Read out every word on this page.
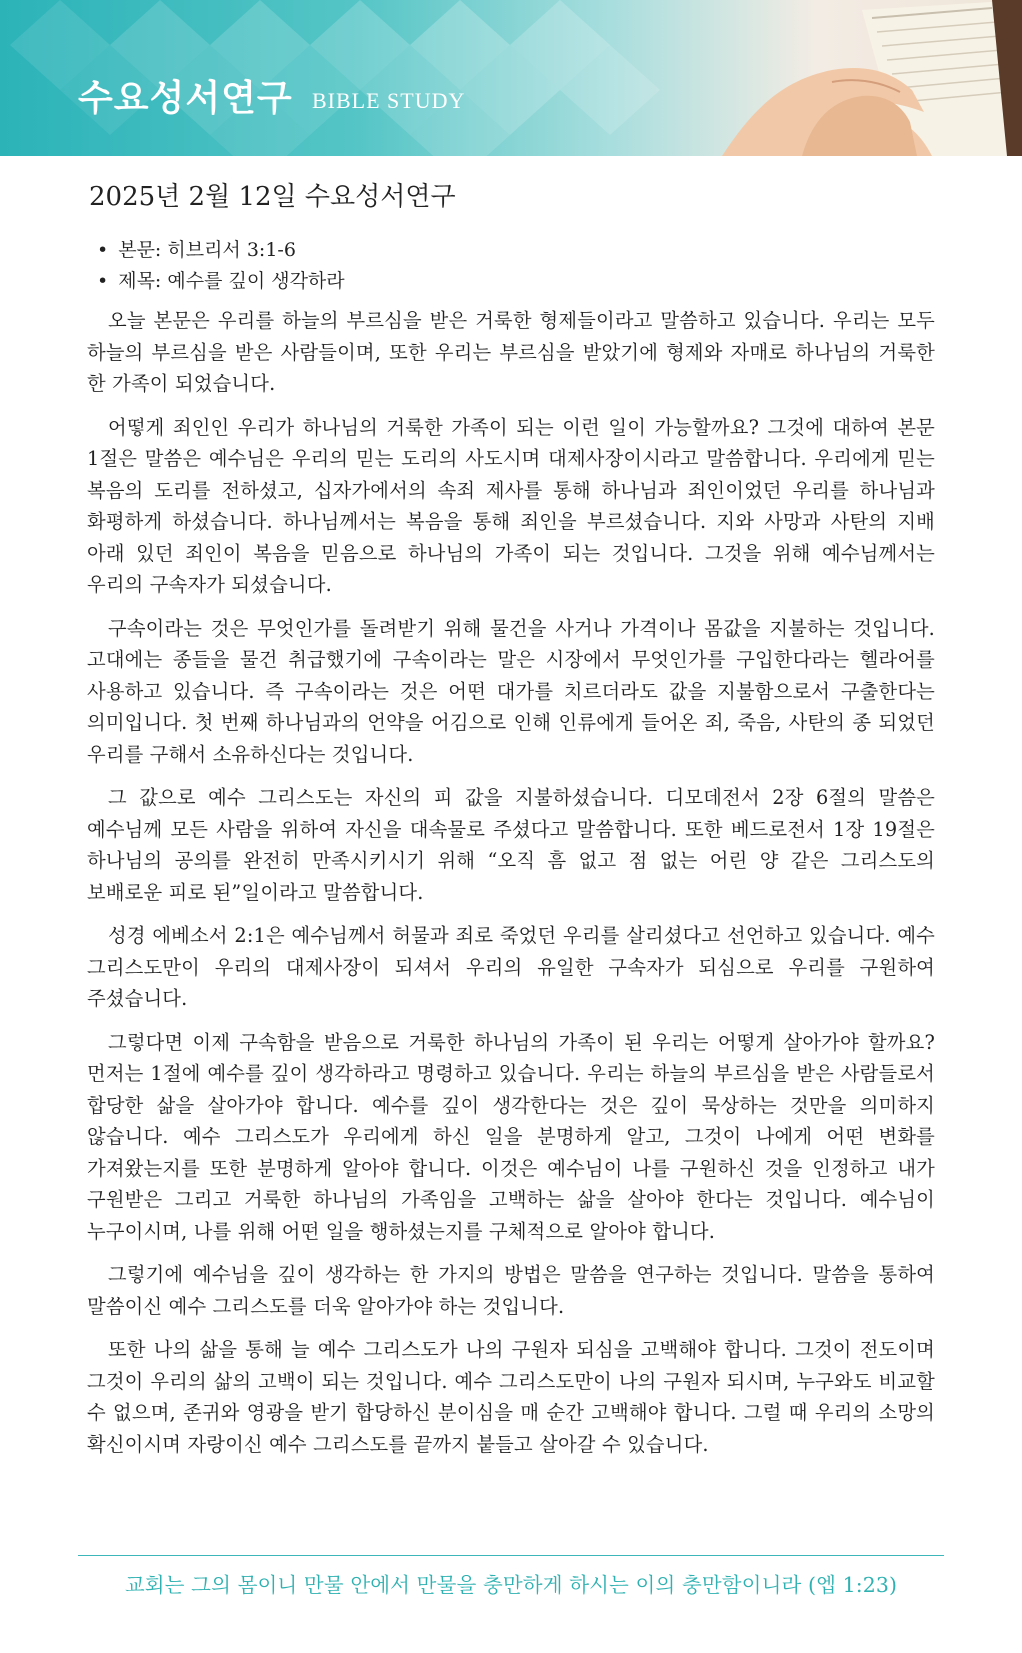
수요성서연구 BIBLE STUDY
2025년 2월 12일 수요성서연구
• 본문: 히브리서 3:1-6
• 제목: 예수를 깊이 생각하라

오늘 본문은 우리를 하늘의 부르심을 받은 거룩한 형제들이라고 말씀하고 있습니다. 우리는 모두 하늘의 부르심을 받은 사람들이며, 또한 우리는 부르심을 받았기에 형제와 자매로 하나님의 거룩한 한 가족이 되었습니다.

어떻게 죄인인 우리가 하나님의 거룩한 가족이 되는 이런 일이 가능할까요? 그것에 대하여 본문 1절은 말씀은 예수님은 우리의 믿는 도리의 사도시며 대제사장이시라고 말씀합니다. 우리에게 믿는 복음의 도리를 전하셨고, 십자가에서의 속죄 제사를 통해 하나님과 죄인이었던 우리를 하나님과 화평하게 하셨습니다. 하나님께서는 복음을 통해 죄인을 부르셨습니다. 지와 사망과 사탄의 지배 아래 있던 죄인이 복음을 믿음으로 하나님의 가족이 되는 것입니다. 그것을 위해 예수님께서는 우리의 구속자가 되셨습니다.

구속이라는 것은 무엇인가를 돌려받기 위해 물건을 사거나 가격이나 몸값을 지불하는 것입니다. 고대에는 종들을 물건 취급했기에 구속이라는 말은 시장에서 무엇인가를 구입한다라는 헬라어를 사용하고 있습니다. 즉 구속이라는 것은 어떤 대가를 치르더라도 값을 지불함으로서 구출한다는 의미입니다. 첫 번째 하나님과의 언약을 어김으로 인해 인류에게 들어온 죄, 죽음, 사탄의 종 되었던 우리를 구해서 소유하신다는 것입니다.

그 값으로 예수 그리스도는 자신의 피 값을 지불하셨습니다. 디모데전서 2장 6절의 말씀은 예수님께 모든 사람을 위하여 자신을 대속물로 주셨다고 말씀합니다. 또한 베드로전서 1장 19절은 하나님의 공의를 완전히 만족시키시기 위해 “오직 흠 없고 점 없는 어린 양 같은 그리스도의 보배로운 피로 된”일이라고 말씀합니다.

성경 에베소서 2:1은 예수님께서 허물과 죄로 죽었던 우리를 살리셨다고 선언하고 있습니다. 예수 그리스도만이 우리의 대제사장이 되셔서 우리의 유일한 구속자가 되심으로 우리를 구원하여 주셨습니다.

그렇다면 이제 구속함을 받음으로 거룩한 하나님의 가족이 된 우리는 어떻게 살아가야 할까요? 먼저는 1절에 예수를 깊이 생각하라고 명령하고 있습니다. 우리는 하늘의 부르심을 받은 사람들로서 합당한 삶을 살아가야 합니다. 예수를 깊이 생각한다는 것은 깊이 묵상하는 것만을 의미하지 않습니다. 예수 그리스도가 우리에게 하신 일을 분명하게 알고, 그것이 나에게 어떤 변화를 가져왔는지를 또한 분명하게 알아야 합니다. 이것은 예수님이 나를 구원하신 것을 인정하고 내가 구원받은 그리고 거룩한 하나님의 가족임을 고백하는 삶을 살아야 한다는 것입니다. 예수님이 누구이시며, 나를 위해 어떤 일을 행하셨는지를 구체적으로 알아야 합니다.

그렇기에 예수님을 깊이 생각하는 한 가지의 방법은 말씀을 연구하는 것입니다. 말씀을 통하여 말씀이신 예수 그리스도를 더욱 알아가야 하는 것입니다.

또한 나의 삶을 통해 늘 예수 그리스도가 나의 구원자 되심을 고백해야 합니다. 그것이 전도이며 그것이 우리의 삶의 고백이 되는 것입니다. 예수 그리스도만이 나의 구원자 되시며, 누구와도 비교할 수 없으며, 존귀와 영광을 받기 합당하신 분이심을 매 순간 고백해야 합니다. 그럴 때 우리의 소망의 확신이시며 자랑이신 예수 그리스도를 끝까지 붙들고 살아갈 수 있습니다.

교회는 그의 몸이니 만물 안에서 만물을 충만하게 하시는 이의 충만함이니라 (엡 1:23)
